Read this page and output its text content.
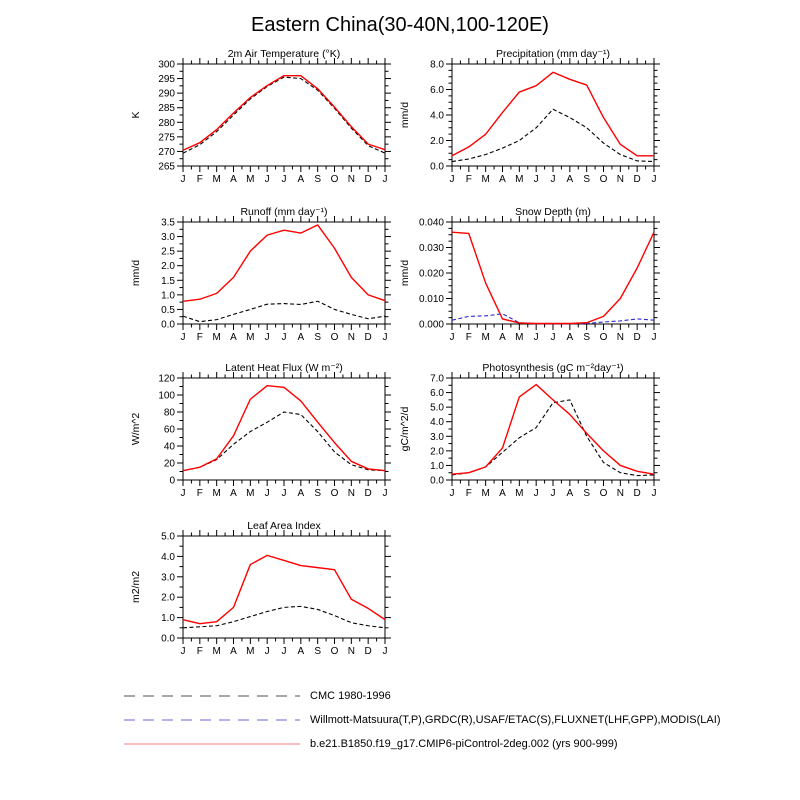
Eastern China(30-40N,100-120E)
J F M A M J J A S O N D J
265
270
275
280
285
290
295
300
2m Air Temperature (°K)
K
J F M A M J J A S O N D J
0.0
2.0
4.0
6.0
8.0
Precipitation (mm day⁻¹)
mm/d
J F M A M J J A S O N D J
0.0
0.5
1.0
1.5
2.0
2.5
3.0
3.5
Runoff (mm day⁻¹)
mm/d
J F M A M J J A S O N D J
0.000
0.010
0.020
0.030
0.040
Snow Depth (m)
mm/d
J F M A M J J A S O N D J
0
20
40
60
80
100
120
Latent Heat Flux (W m⁻²)
W/m^2
J F M A M J J A S O N D J
0.0
1.0
2.0
3.0
4.0
5.0
6.0
7.0
Photosynthesis (gC m⁻²day⁻¹)
gC/m^2/d
J F M A M J J A S O N D J
0.0
1.0
2.0
3.0
4.0
5.0
Leaf Area Index
m2/m2
CMC 1980-1996
Willmott-Matsuura(T,P),GRDC(R),USAF/ETAC(S),FLUXNET(LHF,GPP),MODIS(LAI)
b.e21.B1850.f19_g17.CMIP6-piControl-2deg.002 (yrs 900-999)
